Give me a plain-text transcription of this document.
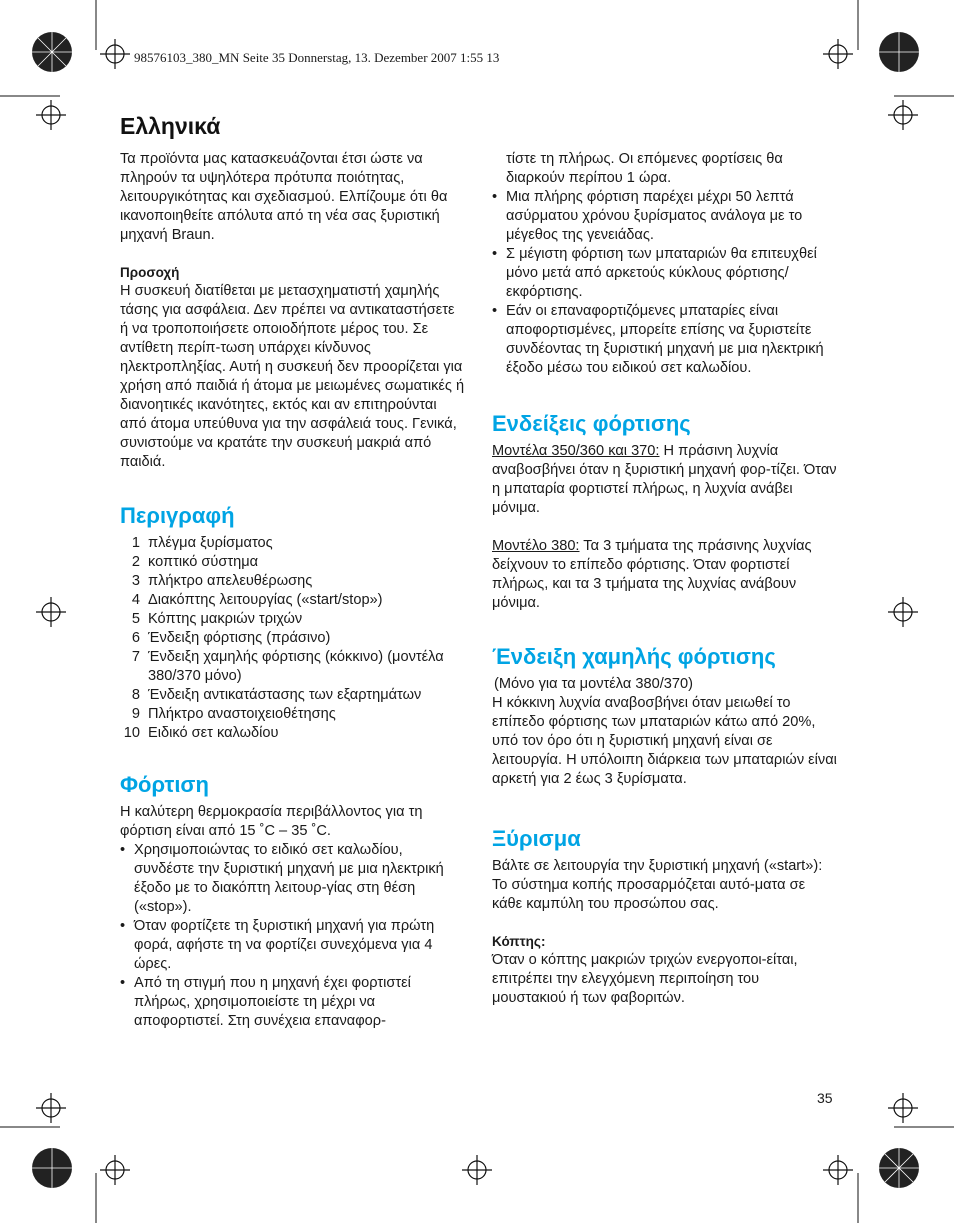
98576103_380_MN Seite 35 Donnerstag, 13. Dezember 2007 1:55 13
Ελληνικά

Τα προϊόντα μας κατασκευάζονται έτσι ώστε να πληρούν τα υψηλότερα πρότυπα ποιότητας, λειτουργικότητας και σχεδιασμού. Ελπίζουμε ότι θα ικανοποιηθείτε απόλυτα από τη νέα σας ξυριστική μηχανή Braun.

Προσοχή

Η συσκευή διατίθεται με μετασχηματιστή χαμηλής τάσης για ασφάλεια. Δεν πρέπει να αντικαταστήσετε ή να τροποποιήσετε οποιοδήποτε μέρος του. Σε αντίθετη περίπ-τωση υπάρχει κίνδυνος ηλεκτροπληξίας. Αυτή η συσκευή δεν προορίζεται για χρήση από παιδιά ή άτομα με μειωμένες σωματικές ή διανοητικές ικανότητες, εκτός και αν επιτηρούνται από άτομα υπεύθυνα για την ασφάλειά τους. Γενικά, συνιστούμε να κρατάτε την συσκευή μακριά από παιδιά.

Περιγραφή
1 πλέγμα ξυρίσματος
2 κοπτικό σύστημα
3 πλήκτρο απελευθέρωσης
4 Διακόπτης λειτουργίας («start/stop»)
5 Κόπτης μακριών τριχών
6 Ένδειξη φόρτισης (πράσινο)
7 Ένδειξη χαμηλής φόρτισης (κόκκινο) (μοντέλα 380/370 μόνο)
8 Ένδειξη αντικατάστασης των εξαρτημάτων
9 Πλήκτρο αναστοιχειοθέτησης
10 Ειδικό σετ καλωδίου
Φόρτιση

Η καλύτερη θερμοκρασία περιβάλλοντος για τη φόρτιση είναι από 15 ˚C – 35 ˚C.

• Χρησιμοποιώντας το ειδικό σετ καλωδίου, συνδέστε την ξυριστική μηχανή με μια ηλεκτρική έξοδο με το διακόπτη λειτουρ-γίας στη θέση («stop»).
• Όταν φορτίζετε τη ξυριστική μηχανή για πρώτη φορά, αφήστε τη να φορτίζει συνεχόμενα για 4 ώρες.
• Από τη στιγμή που η μηχανή έχει φορτιστεί πλήρως, χρησιμοποιείστε τη μέχρι να αποφορτιστεί. Στη συνέχεια επαναφορ-

τίστε τη πλήρως. Οι επόμενες φορτίσεις θα διαρκούν περίπου 1 ώρα.

• Μια πλήρης φόρτιση παρέχει μέχρι 50 λεπτά ασύρματου χρόνου ξυρίσματος ανάλογα με το μέγεθος της γενειάδας.
• Σ μέγιστη φόρτιση των μπαταριών θα επιτευχθεί μόνο μετά από αρκετούς κύκλους φόρτισης/εκφόρτισης.
• Εάν οι επαναφορτιζόμενες μπαταρίες είναι αποφορτισμένες, μπορείτε επίσης να ξυριστείτε συνδέοντας τη ξυριστική μηχανή με μια ηλεκτρική έξοδο μέσω του ειδικού σετ καλωδίου.
Ενδείξεις φόρτισης

Μοντέλα 350/360 και 370: Η πράσινη λυχνία αναβοσβήνει όταν η ξυριστική μηχανή φορ-τίζει. Όταν η μπαταρία φορτιστεί πλήρως, η λυχνία ανάβει μόνιμα.

Μοντέλο 380: Τα 3 τμήματα της πράσινης λυχνίας δείχνουν το επίπεδο φόρτισης. Όταν φορτιστεί πλήρως, και τα 3 τμήματα της λυχνίας ανάβουν μόνιμα.

Ένδειξη χαμηλής φόρτισης

(Μόνο για τα μοντέλα 380/370)

Η κόκκινη λυχνία αναβοσβήνει όταν μειωθεί το επίπεδο φόρτισης των μπαταριών κάτω από 20%, υπό τον όρο ότι η ξυριστική μηχανή είναι σε λειτουργία. Η υπόλοιπη διάρκεια των μπαταριών είναι αρκετή για 2 έως 3 ξυρίσματα.

Ξύρισμα

Βάλτε σε λειτουργία την ξυριστική μηχανή («start»): Το σύστημα κοπής προσαρμόζεται αυτό-ματα σε κάθε καμπύλη του προσώπου σας.

Κόπτης:

Όταν ο κόπτης μακριών τριχών ενεργοποι-είται, επιτρέπει την ελεγχόμενη περιποίηση του μουστακιού ή των φαβοριτών.

35
